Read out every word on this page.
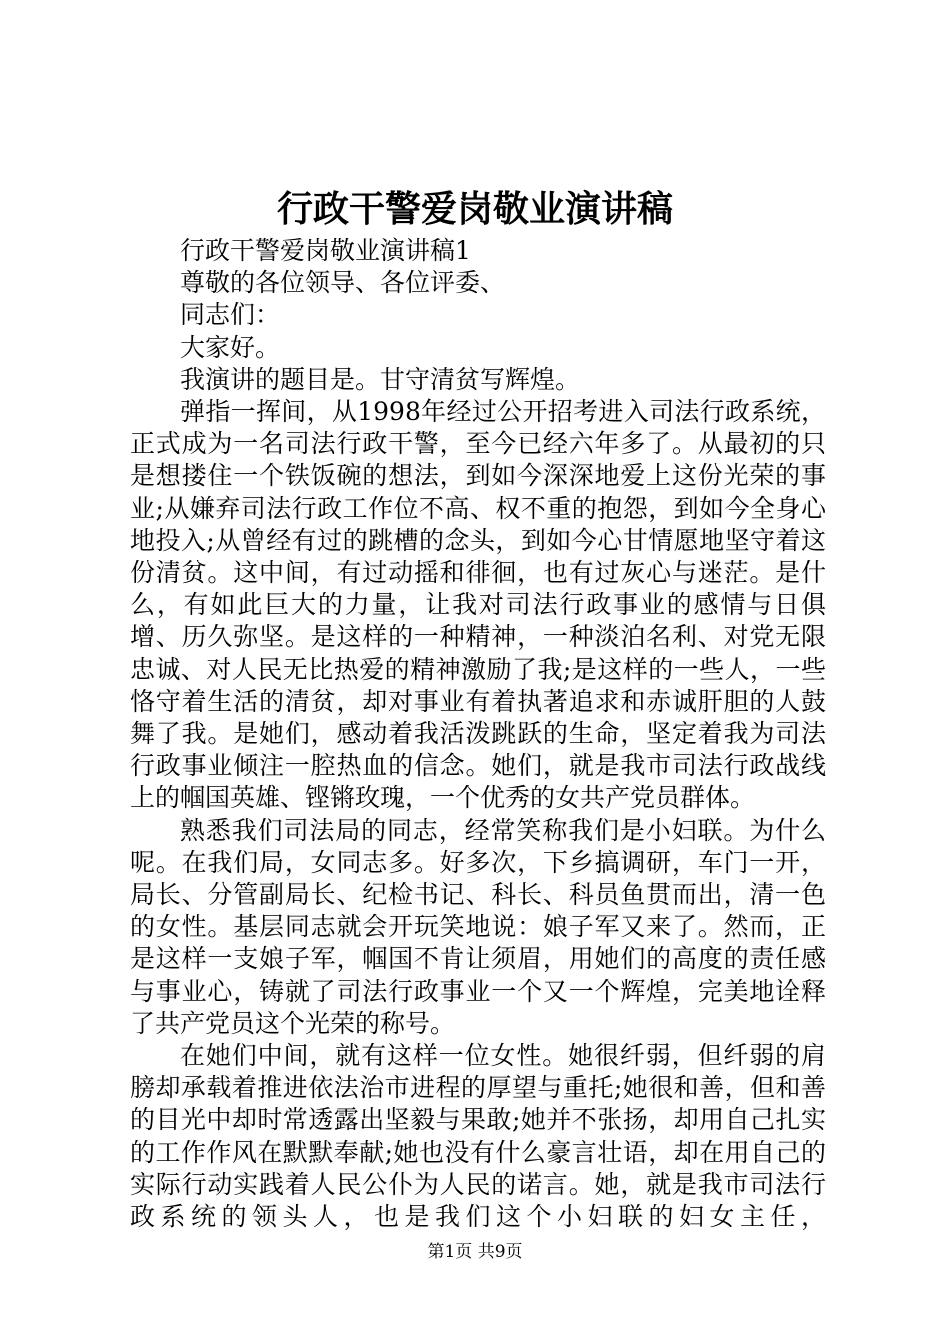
行政干警爱岗敬业演讲稿

行政干警爱岗敬业演讲稿1

尊敬的各位领导、各位评委、

同志们：

大家好。

我演讲的题目是。甘守清贫写辉煌。

弹指一挥间，从1998年经过公开招考进入司法行政系统，正式成为一名司法行政干警，至今已经六年多了。从最初的只是想搂住一个铁饭碗的想法，到如今深深地爱上这份光荣的事业;从嫌弃司法行政工作位不高、权不重的抱怨，到如今全身心地投入;从曾经有过的跳槽的念头，到如今心甘情愿地坚守着这份清贫。这中间，有过动摇和徘徊，也有过灰心与迷茫。是什么，有如此巨大的力量，让我对司法行政事业的感情与日俱增、历久弥坚。是这样的一种精神，一种淡泊名利、对党无限忠诚、对人民无比热爱的精神激励了我;是这样的一些人，一些恪守着生活的清贫，却对事业有着执著追求和赤诚肝胆的人鼓舞了我。是她们，感动着我活泼跳跃的生命，坚定着我为司法行政事业倾注一腔热血的信念。她们，就是我市司法行政战线上的帼国英雄、铿锵玫瑰，一个优秀的女共产党员群体。

熟悉我们司法局的同志，经常笑称我们是小妇联。为什么呢。在我们局，女同志多。好多次，下乡搞调研，车门一开，局长、分管副局长、纪检书记、科长、科员鱼贯而出，清一色的女性。基层同志就会开玩笑地说：娘子军又来了。然而，正是这样一支娘子军，帼国不肯让须眉，用她们的高度的责任感与事业心，铸就了司法行政事业一个又一个辉煌，完美地诠释了共产党员这个光荣的称号。

在她们中间，就有这样一位女性。她很纤弱，但纤弱的肩膀却承载着推进依法治市进程的厚望与重托;她很和善，但和善的目光中却时常透露出坚毅与果敢;她并不张扬，却用自己扎实的工作作风在默默奉献;她也没有什么豪言壮语，却在用自己的实际行动实践着人民公仆为人民的诺言。她，就是我市司法行政系统的领头人，也是我们这个小妇联的妇女主任，

第1页 共9页
